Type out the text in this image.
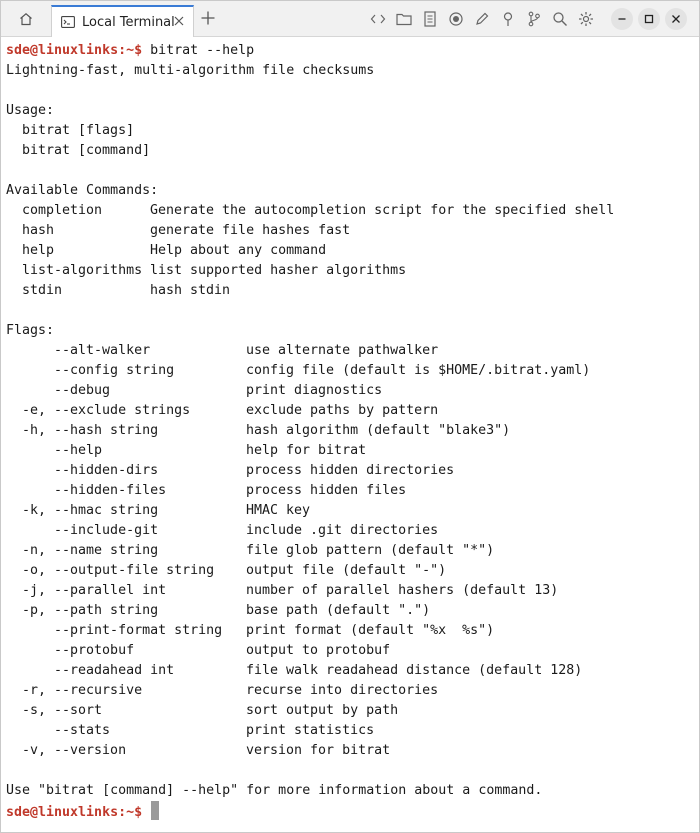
Local Terminal
sde@linuxlinks:~$ bitrat --help
Lightning-fast, multi-algorithm file checksums
Usage:
bitrat [flags]
bitrat [command]
Available Commands:
completion	Generate the autocompletion script for the specified shell
hash	generate file hashes fast
help	Help about any command
list-algorithms list supported hasher algorithms
stdin	hash stdin
Flags:
--alt-walker	use alternate pathwalker
--config string	config file (default is $HOME/.bitrat.yaml)
--debug	print diagnostics
-e, --exclude strings	exclude paths by pattern
-h, --hash string	hash algorithm (default "blake3")
--help	help for bitrat
--hidden-dirs	process hidden directories
--hidden-files	process hidden files
-k, --hmac string	HMAC key
--include-git	include .git directories
-n, --name string	file glob pattern (default "*")
-o, --output-file string output file (default "-")
-j, --parallel int	number of parallel hashers (default 13)
-p, --path string	base path (default ".")
--print-format string print format (default "%x  %s")
--protobuf	output to protobuf
--readahead int	file walk readahead distance (default 128)
-r, --recursive	recurse into directories
-s, --sort	sort output by path
--stats	print statistics
-v, --version	version for bitrat
Use "bitrat [command] --help" for more information about a command.
sde@linuxlinks:~$
